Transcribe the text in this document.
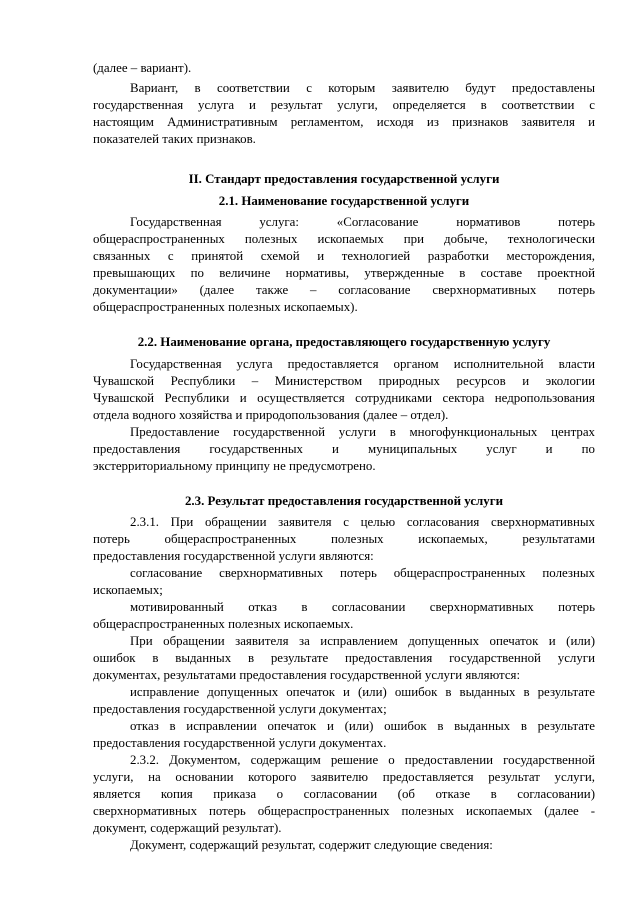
(далее – вариант).
Вариант, в соответствии с которым заявителю будут предоставлены
государственная услуга и результат услуги, определяется в соответствии с
настоящим Административным регламентом, исходя из признаков заявителя и
показателей таких признаков.
II. Стандарт предоставления государственной услуги
2.1. Наименование государственной услуги
Государственная услуга: «Согласование нормативов потерь
общераспространенных полезных ископаемых при добыче, технологически
связанных с принятой схемой и технологией разработки месторождения,
превышающих по величине нормативы, утвержденные в составе проектной
документации» (далее также – согласование сверхнормативных потерь
общераспространенных полезных ископаемых).
2.2. Наименование органа, предоставляющего государственную услугу
Государственная услуга предоставляется органом исполнительной власти
Чувашской Республики – Министерством природных ресурсов и экологии
Чувашской Республики и осуществляется сотрудниками сектора недропользования
отдела водного хозяйства и природопользования (далее – отдел).
Предоставление государственной услуги в многофункциональных центрах
предоставления государственных и муниципальных услуг и по
экстерриториальному принципу не предусмотрено.
2.3. Результат предоставления государственной услуги
2.3.1. При обращении заявителя с целью согласования сверхнормативных
потерь общераспространенных полезных ископаемых, результатами
предоставления государственной услуги являются:
согласование сверхнормативных потерь общераспространенных полезных
ископаемых;
мотивированный отказ в согласовании сверхнормативных потерь
общераспространенных полезных ископаемых.
При обращении заявителя за исправлением допущенных опечаток и (или)
ошибок в выданных в результате предоставления государственной услуги
документах, результатами предоставления государственной услуги являются:
исправление допущенных опечаток и (или) ошибок в выданных в результате
предоставления государственной услуги документах;
отказ в исправлении опечаток и (или) ошибок в выданных в результате
предоставления государственной услуги документах.
2.3.2. Документом, содержащим решение о предоставлении государственной
услуги, на основании которого заявителю предоставляется результат услуги,
является копия приказа о согласовании (об отказе в согласовании)
сверхнормативных потерь общераспространенных полезных ископаемых (далее -
документ, содержащий результат).
Документ, содержащий результат, содержит следующие сведения:
